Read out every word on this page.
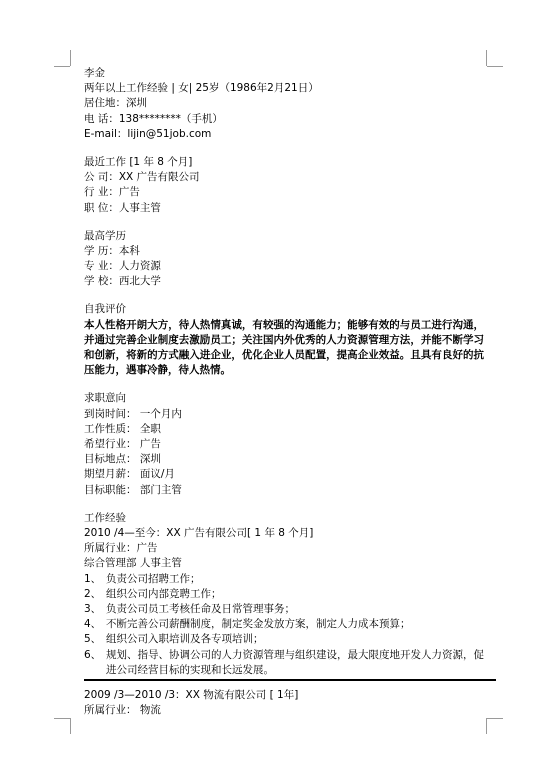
李金
两年以上工作经验 | 女| 25岁（1986年2月21日）
居住地：深圳
电 话：138********（手机）
E-mail：lijin@51job.com
最近工作 [1 年 8 个月]
公 司：XX 广告有限公司
行 业：广告
职 位：人事主管
最高学历
学 历：本科
专 业：人力资源
学 校：西北大学
自我评价
本人性格开朗大方，待人热情真诚，有较强的沟通能力；能够有效的与员工进行沟通，并通过完善企业制度去激励员工；关注国内外优秀的人力资源管理方法，并能不断学习和创新，将新的方式融入进企业，优化企业人员配置，提高企业效益。且具有良好的抗压能力，遇事冷静，待人热情。
求职意向
到岗时间： 一个月内
工作性质： 全职
希望行业： 广告
目标地点： 深圳
期望月薪： 面议/月
目标职能： 部门主管
工作经验
2010 /4—至今：XX 广告有限公司[ 1 年 8 个月]
所属行业：广告
综合管理部 人事主管
1、 负责公司招聘工作；
2、 组织公司内部竞聘工作；
3、 负责公司员工考核任命及日常管理事务；
4、 不断完善公司薪酬制度，制定奖金发放方案，制定人力成本预算；
5、 组织公司入职培训及各专项培训；
6、 规划、指导、协调公司的人力资源管理与组织建设，最大限度地开发人力资源，促进公司经营目标的实现和长远发展。
2009 /3—2010 /3：XX 物流有限公司 [ 1年]
所属行业： 物流
